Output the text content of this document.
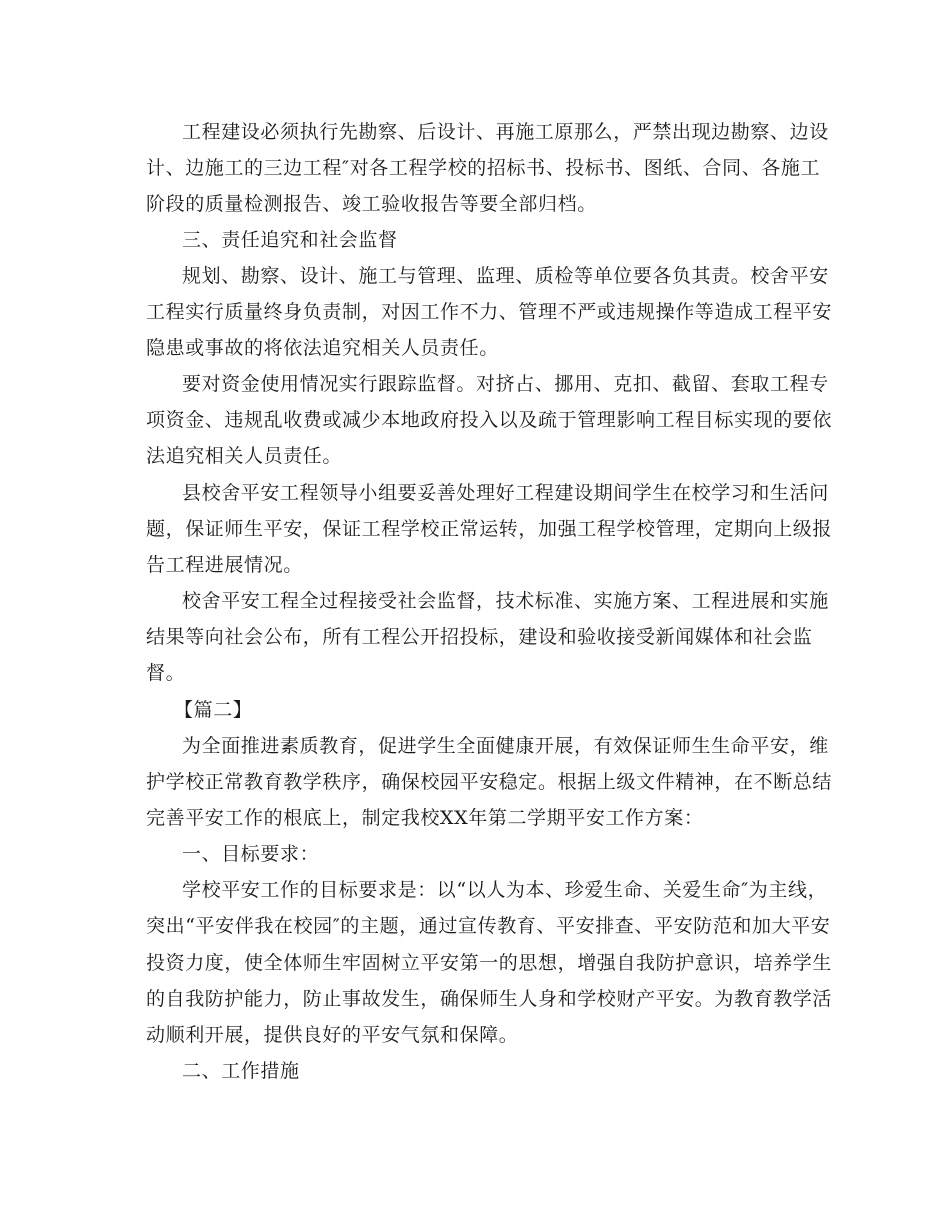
工程建设必须执行先勘察、后设计、再施工原那么，严禁出现边勘察、边设
计、边施工的三边工程″对各工程学校的招标书、投标书、图纸、合同、各施工
阶段的质量检测报告、竣工验收报告等要全部归档。
三、责任追究和社会监督
规划、勘察、设计、施工与管理、监理、质检等单位要各负其责。校舍平安
工程实行质量终身负责制，对因工作不力、管理不严或违规操作等造成工程平安
隐患或事故的将依法追究相关人员责任。
要对资金使用情况实行跟踪监督。对挤占、挪用、克扣、截留、套取工程专
项资金、违规乱收费或减少本地政府投入以及疏于管理影响工程目标实现的要依
法追究相关人员责任。
县校舍平安工程领导小组要妥善处理好工程建设期间学生在校学习和生活问
题，保证师生平安，保证工程学校正常运转，加强工程学校管理，定期向上级报
告工程进展情况。
校舍平安工程全过程接受社会监督，技术标准、实施方案、工程进展和实施
结果等向社会公布，所有工程公开招投标，建设和验收接受新闻媒体和社会监
督。
【篇二】
为全面推进素质教育，促进学生全面健康开展，有效保证师生生命平安，维
护学校正常教育教学秩序，确保校园平安稳定。根据上级文件精神，在不断总结
完善平安工作的根底上，制定我校XX年第二学期平安工作方案：
一、目标要求：
学校平安工作的目标要求是：以“以人为本、珍爱生命、关爱生命″为主线，
突出“平安伴我在校园″的主题，通过宣传教育、平安排查、平安防范和加大平安
投资力度，使全体师生牢固树立平安第一的思想，增强自我防护意识，培养学生
的自我防护能力，防止事故发生，确保师生人身和学校财产平安。为教育教学活
动顺利开展，提供良好的平安气氛和保障。
二、工作措施
